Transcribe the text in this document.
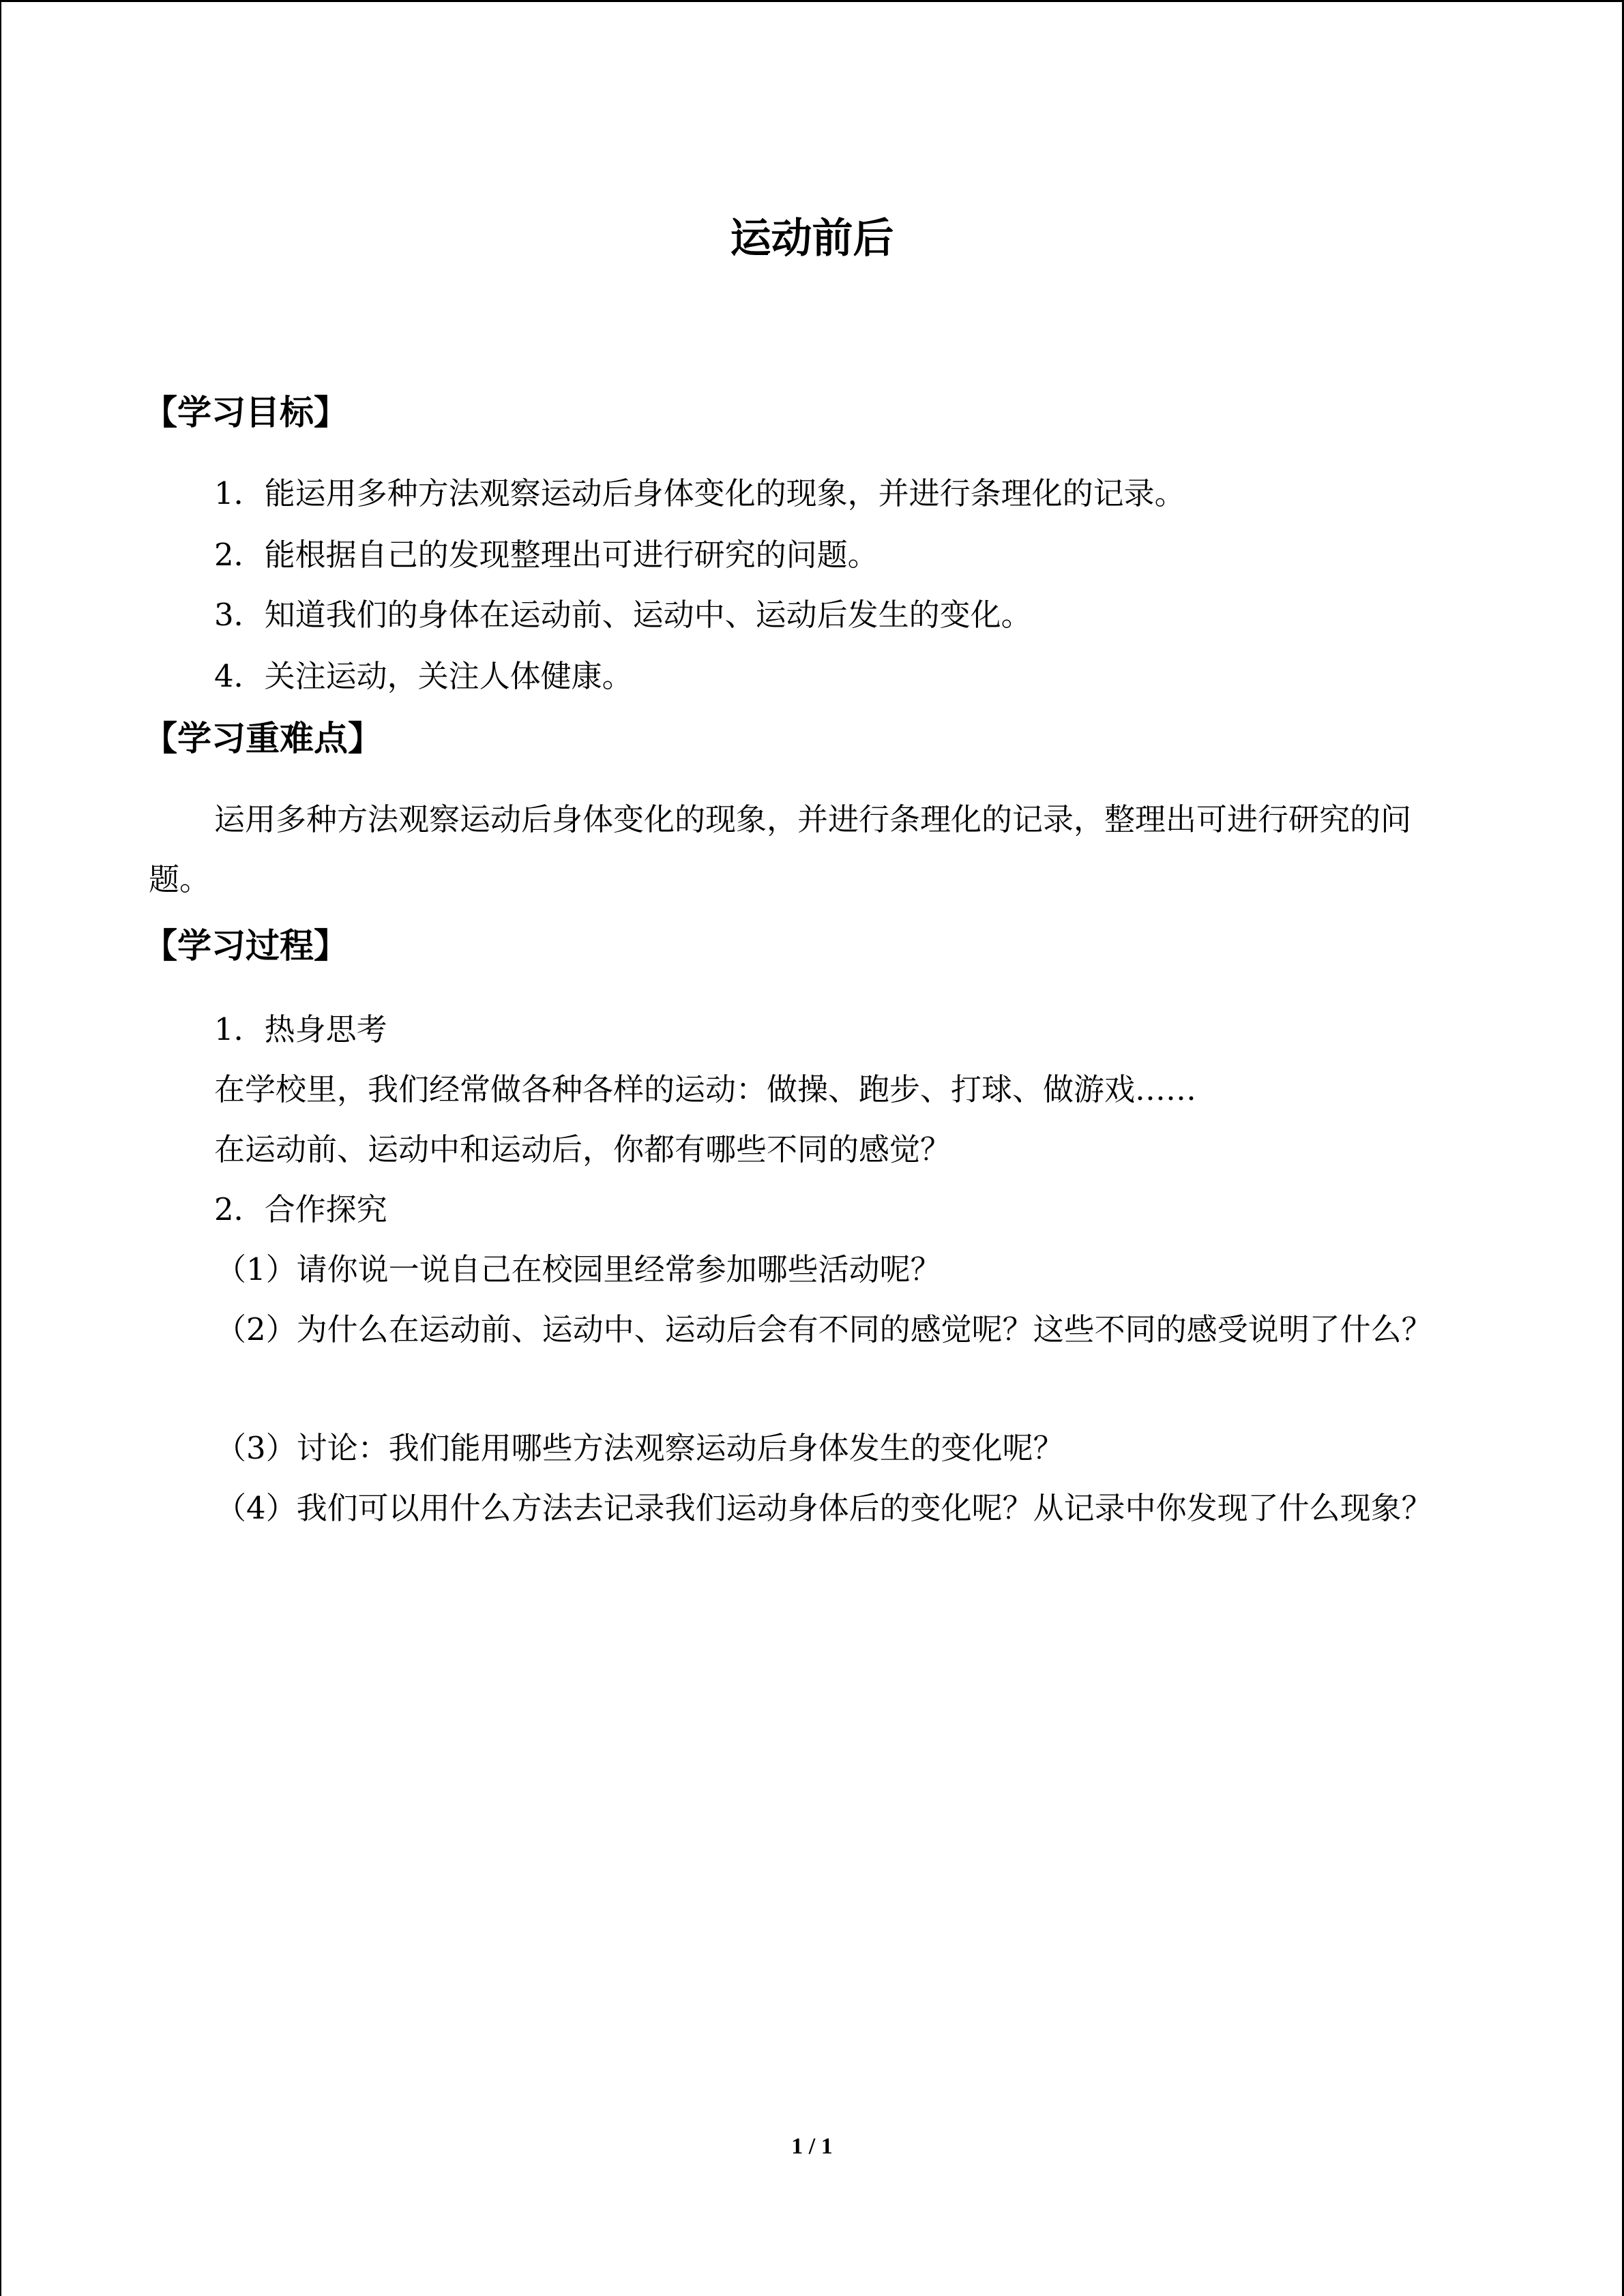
运动前后
【学习目标】

1．能运用多种方法观察运动后身体变化的现象，并进行条理化的记录。

2．能根据自己的发现整理出可进行研究的问题。

3．知道我们的身体在运动前、运动中、运动后发生的变化。

4．关注运动，关注人体健康。

【学习重难点】

运用多种方法观察运动后身体变化的现象，并进行条理化的记录，整理出可进行研究的问题。

【学习过程】

1．热身思考

在学校里，我们经常做各种各样的运动：做操、跑步、打球、做游戏……

在运动前、运动中和运动后，你都有哪些不同的感觉？

2．合作探究

（1）请你说一说自己在校园里经常参加哪些活动呢？

（2）为什么在运动前、运动中、运动后会有不同的感觉呢？这些不同的感受说明了什么？

（3）讨论：我们能用哪些方法观察运动后身体发生的变化呢？

（4）我们可以用什么方法去记录我们运动身体后的变化呢？从记录中你发现了什么现象？

1 / 1
